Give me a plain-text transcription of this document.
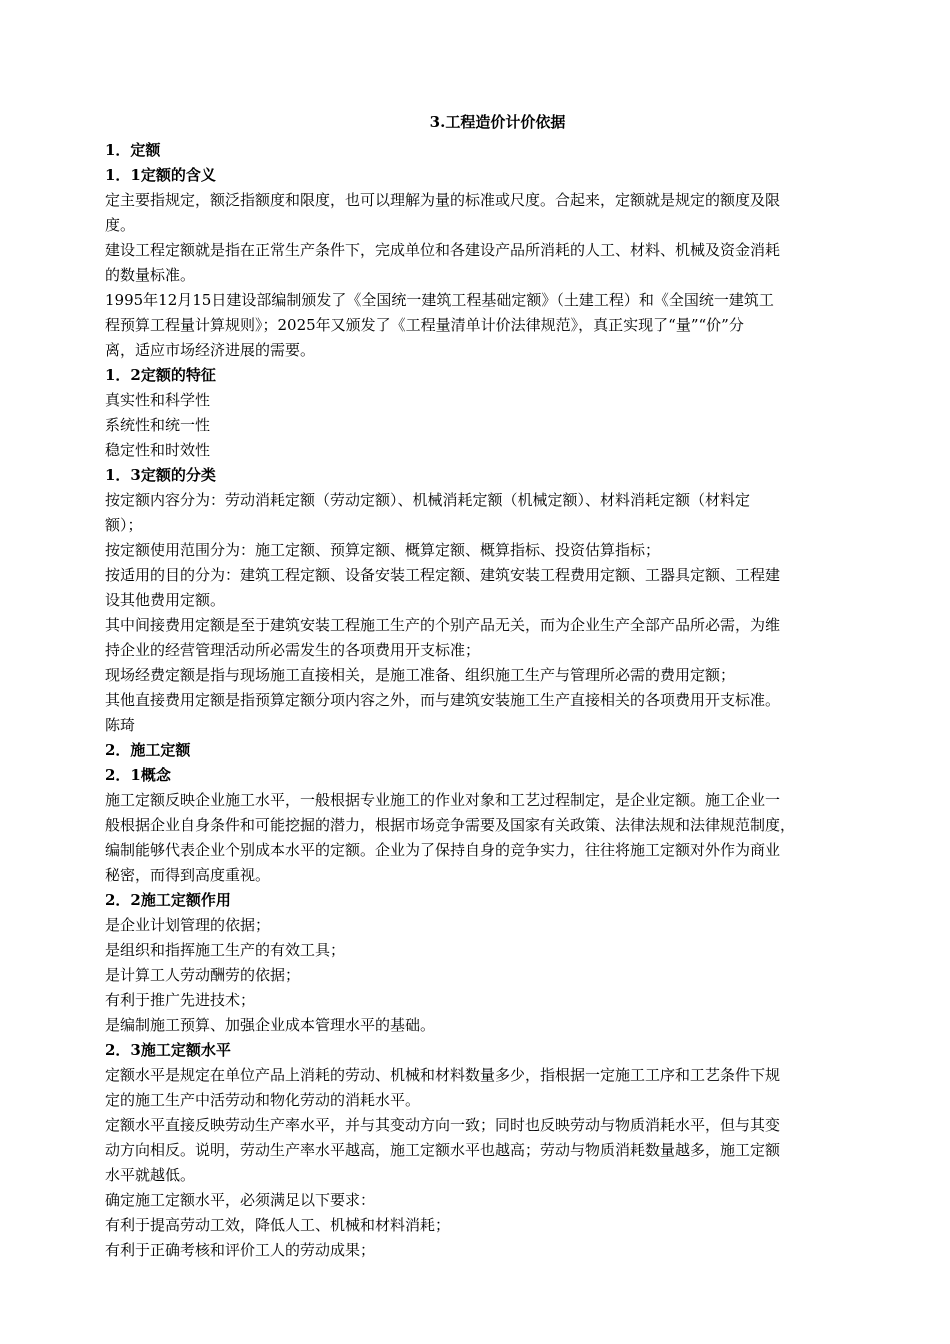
3.工程造价计价依据
1．定额
1．1定额的含义
定主要指规定，额泛指额度和限度，也可以理解为量的标准或尺度。合起来，定额就是规定的额度及限
度。
建设工程定额就是指在正常生产条件下，完成单位和各建设产品所消耗的人工、材料、机械及资金消耗
的数量标准。
1995年12月15日建设部编制颁发了《全国统一建筑工程基础定额》（土建工程）和《全国统一建筑工
程预算工程量计算规则》；2025年又颁发了《工程量清单计价法律规范》，真正实现了“量”“价”分
离，适应市场经济进展的需要。
1．2定额的特征
真实性和科学性
系统性和统一性
稳定性和时效性
1．3定额的分类
按定额内容分为：劳动消耗定额（劳动定额）、机械消耗定额（机械定额）、材料消耗定额（材料定
额）；
按定额使用范围分为：施工定额、预算定额、概算定额、概算指标、投资估算指标；
按适用的目的分为：建筑工程定额、设备安装工程定额、建筑安装工程费用定额、工器具定额、工程建
设其他费用定额。
其中间接费用定额是至于建筑安装工程施工生产的个别产品无关，而为企业生产全部产品所必需，为维
持企业的经营管理活动所必需发生的各项费用开支标准；
现场经费定额是指与现场施工直接相关，是施工准备、组织施工生产与管理所必需的费用定额；
其他直接费用定额是指预算定额分项内容之外，而与建筑安装施工生产直接相关的各项费用开支标准。
陈琦
2．施工定额
2．1概念
施工定额反映企业施工水平，一般根据专业施工的作业对象和工艺过程制定，是企业定额。施工企业一
般根据企业自身条件和可能挖掘的潜力，根据市场竞争需要及国家有关政策、法律法规和法律规范制度，
编制能够代表企业个别成本水平的定额。企业为了保持自身的竞争实力，往往将施工定额对外作为商业
秘密，而得到高度重视。
2．2施工定额作用
是企业计划管理的依据；
是组织和指挥施工生产的有效工具；
是计算工人劳动酬劳的依据；
有利于推广先进技术；
是编制施工预算、加强企业成本管理水平的基础。
2．3施工定额水平
定额水平是规定在单位产品上消耗的劳动、机械和材料数量多少，指根据一定施工工序和工艺条件下规
定的施工生产中活劳动和物化劳动的消耗水平。
定额水平直接反映劳动生产率水平，并与其变动方向一致；同时也反映劳动与物质消耗水平，但与其变
动方向相反。说明，劳动生产率水平越高，施工定额水平也越高；劳动与物质消耗数量越多，施工定额
水平就越低。
确定施工定额水平，必须满足以下要求：
有利于提高劳动工效，降低人工、机械和材料消耗；
有利于正确考核和评价工人的劳动成果；
